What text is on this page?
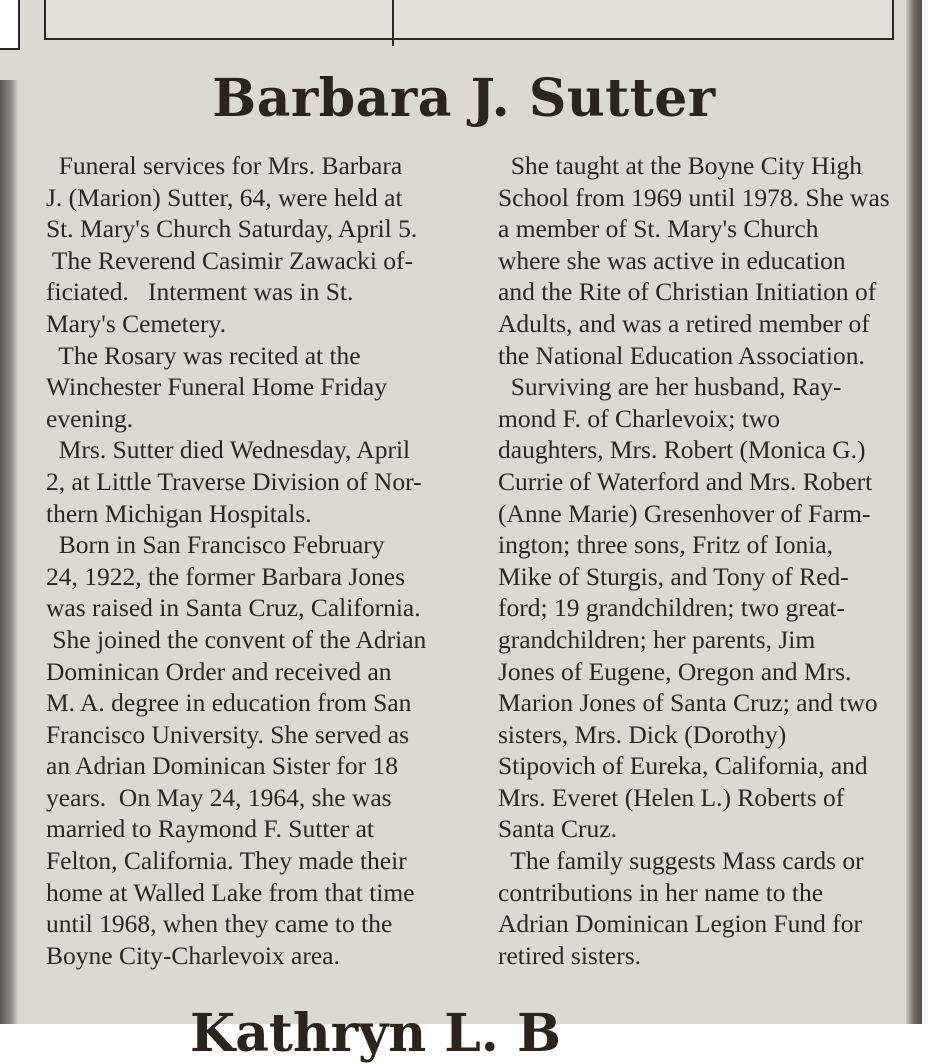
Barbara J. Sutter
Funeral services for Mrs. Barbara
J. (Marion) Sutter, 64, were held at
St. Mary's Church Saturday, April 5.
The Reverend Casimir Zawacki of-
ficiated.   Interment was in St.
Mary's Cemetery.
The Rosary was recited at the
Winchester Funeral Home Friday
evening.
Mrs. Sutter died Wednesday, April
2, at Little Traverse Division of Nor-
thern Michigan Hospitals.
Born in San Francisco February
24, 1922, the former Barbara Jones
was raised in Santa Cruz, California.
She joined the convent of the Adrian
Dominican Order and received an
M. A. degree in education from San
Francisco University. She served as
an Adrian Dominican Sister for 18
years.  On May 24, 1964, she was
married to Raymond F. Sutter at
Felton, California. They made their
home at Walled Lake from that time
until 1968, when they came to the
Boyne City-Charlevoix area.
She taught at the Boyne City High
School from 1969 until 1978. She was
a member of St. Mary's Church
where she was active in education
and the Rite of Christian Initiation of
Adults, and was a retired member of
the National Education Association.
Surviving are her husband, Ray-
mond F. of Charlevoix; two
daughters, Mrs. Robert (Monica G.)
Currie of Waterford and Mrs. Robert
(Anne Marie) Gresenhover of Farm-
ington; three sons, Fritz of Ionia,
Mike of Sturgis, and Tony of Red-
ford; 19 grandchildren; two great-
grandchildren; her parents, Jim
Jones of Eugene, Oregon and Mrs.
Marion Jones of Santa Cruz; and two
sisters, Mrs. Dick (Dorothy)
Stipovich of Eureka, California, and
Mrs. Everet (Helen L.) Roberts of
Santa Cruz.
The family suggests Mass cards or
contributions in her name to the
Adrian Dominican Legion Fund for
retired sisters.
Kathryn L. B
